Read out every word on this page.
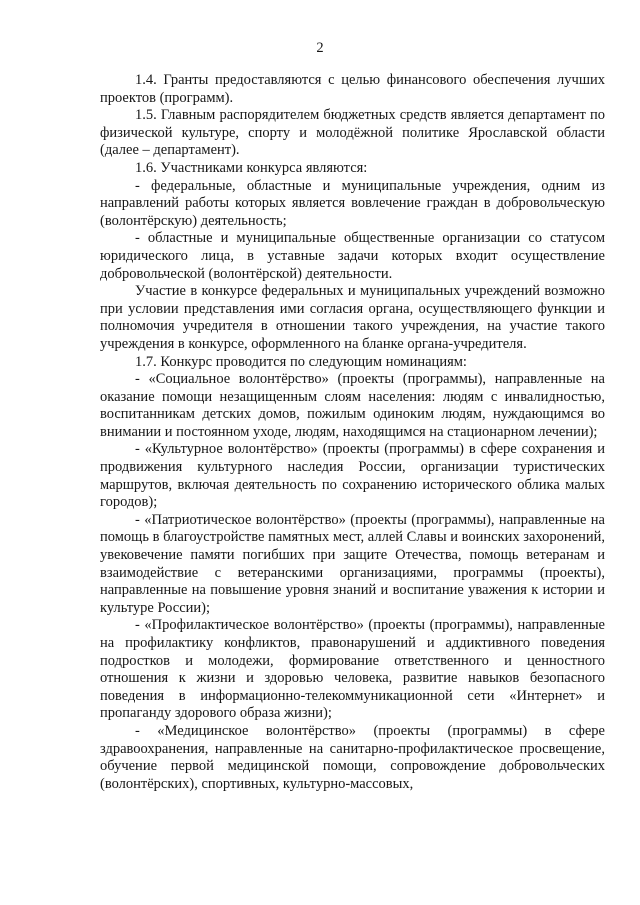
2

1.4. Гранты предоставляются с целью финансового обеспечения лучших проектов (программ).

1.5. Главным распорядителем бюджетных средств является департамент по физической культуре, спорту и молодёжной политике Ярославской области (далее – департамент).

1.6. Участниками конкурса являются:

- федеральные, областные и муниципальные учреждения, одним из направлений работы которых является вовлечение граждан в добровольческую (волонтёрскую) деятельность;

- областные и муниципальные общественные организации со статусом юридического лица, в уставные задачи которых входит осуществление добровольческой (волонтёрской) деятельности.

Участие в конкурсе федеральных и муниципальных учреждений возможно при условии представления ими согласия органа, осуществляющего функции и полномочия учредителя в отношении такого учреждения, на участие такого учреждения в конкурсе, оформленного на бланке органа-учредителя.

1.7. Конкурс проводится по следующим номинациям:

- «Социальное волонтёрство» (проекты (программы), направленные на оказание помощи незащищенным слоям населения: людям с инвалидностью, воспитанникам детских домов, пожилым одиноким людям, нуждающимся во внимании и постоянном уходе, людям, находящимся на стационарном лечении);

- «Культурное волонтёрство» (проекты (программы) в сфере сохранения и продвижения культурного наследия России, организации туристических маршрутов, включая деятельность по сохранению исторического облика малых городов);

- «Патриотическое волонтёрство» (проекты (программы), направленные на помощь в благоустройстве памятных мест, аллей Славы и воинских захоронений, увековечение памяти погибших при защите Отечества, помощь ветеранам и взаимодействие с ветеранскими организациями, программы (проекты), направленные на повышение уровня знаний и воспитание уважения к истории и культуре России);

- «Профилактическое волонтёрство» (проекты (программы), направленные на профилактику конфликтов, правонарушений и аддиктивного поведения подростков и молодежи, формирование ответственного и ценностного отношения к жизни и здоровью человека, развитие навыков безопасного поведения в информационно-телекоммуникационной сети «Интернет» и пропаганду здорового образа жизни);

- «Медицинское волонтёрство» (проекты (программы) в сфере здравоохранения, направленные на санитарно-профилактическое просвещение, обучение первой медицинской помощи, сопровождение добровольческих (волонтёрских), спортивных, культурно-массовых,
